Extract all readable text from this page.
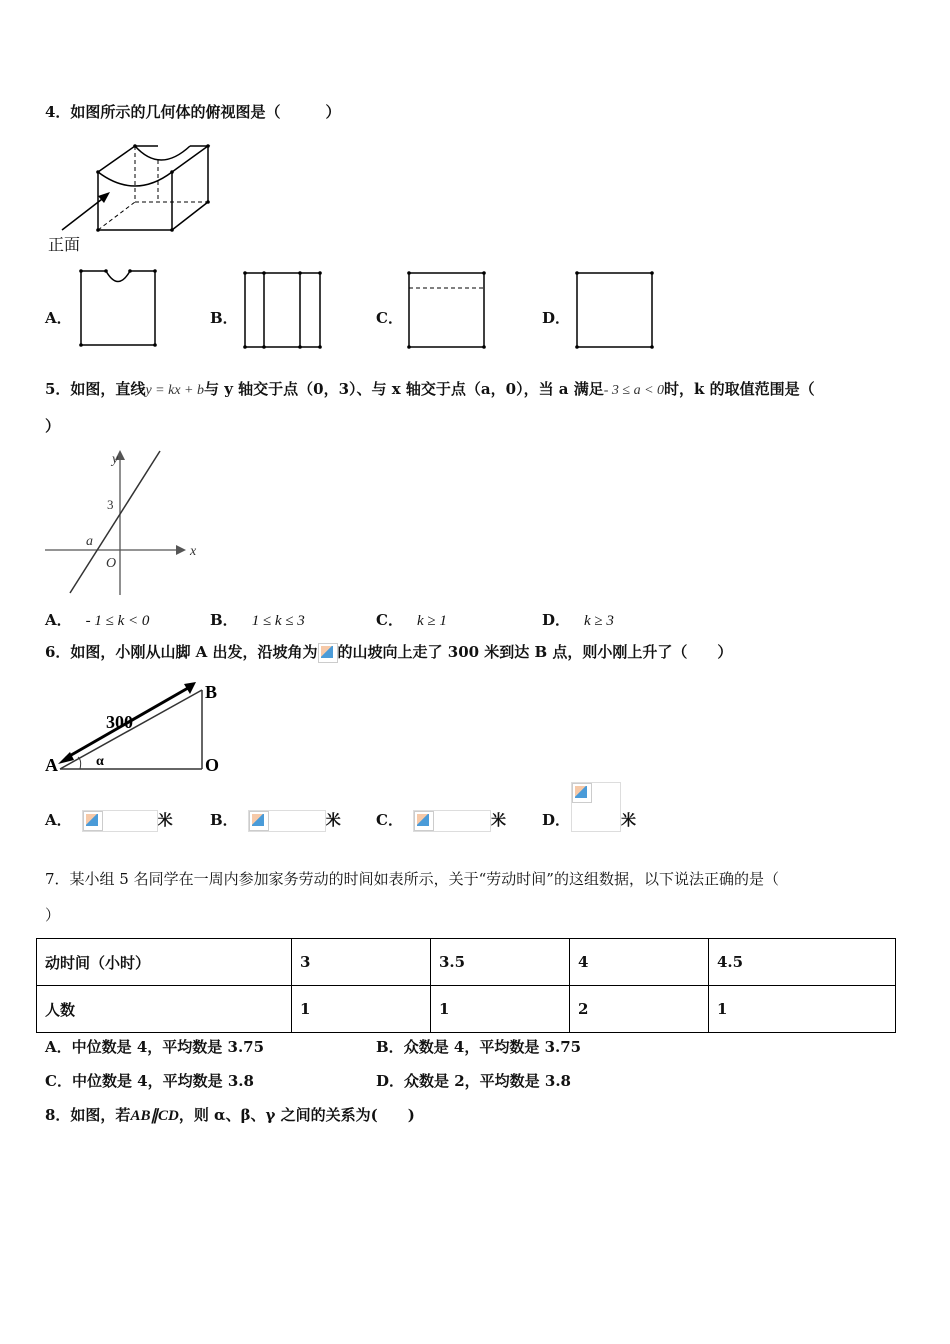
4．如图所示的几何体的俯视图是（　　　）
正面
A．	B．	C．	D．
5．如图，直线y = kx + b与 y 轴交于点（0，3）、与 x 轴交于点（a，0），当 a 满足- 3 ≤ a < 0时，k 的取值范围是（
）
y
x
3
a
O
A． - 1 ≤ k < 0	B． 1 ≤ k ≤ 3	C． k ≥ 1	D． k ≥ 3
6．如图，小刚从山脚 A 出发，沿坡角为 的山坡向上走了 300 米到达 B 点，则小刚上升了（　　）
300
A
B
O
α
A．	米 B．	米 C．	米 D．	米
7．某小组 5 名同学在一周内参加家务劳动的时间如表所示，关于“劳动时间”的这组数据，以下说法正确的是（
）
动时间（小时）	3	3.5	4	4.5
人数	1	1	2	1
A．中位数是 4，平均数是 3.75	B．众数是 4，平均数是 3.75
C．中位数是 4，平均数是 3.8	D．众数是 2，平均数是 3.8
8．如图，若AB∥CD，则 α、β、γ 之间的关系为(　　)
